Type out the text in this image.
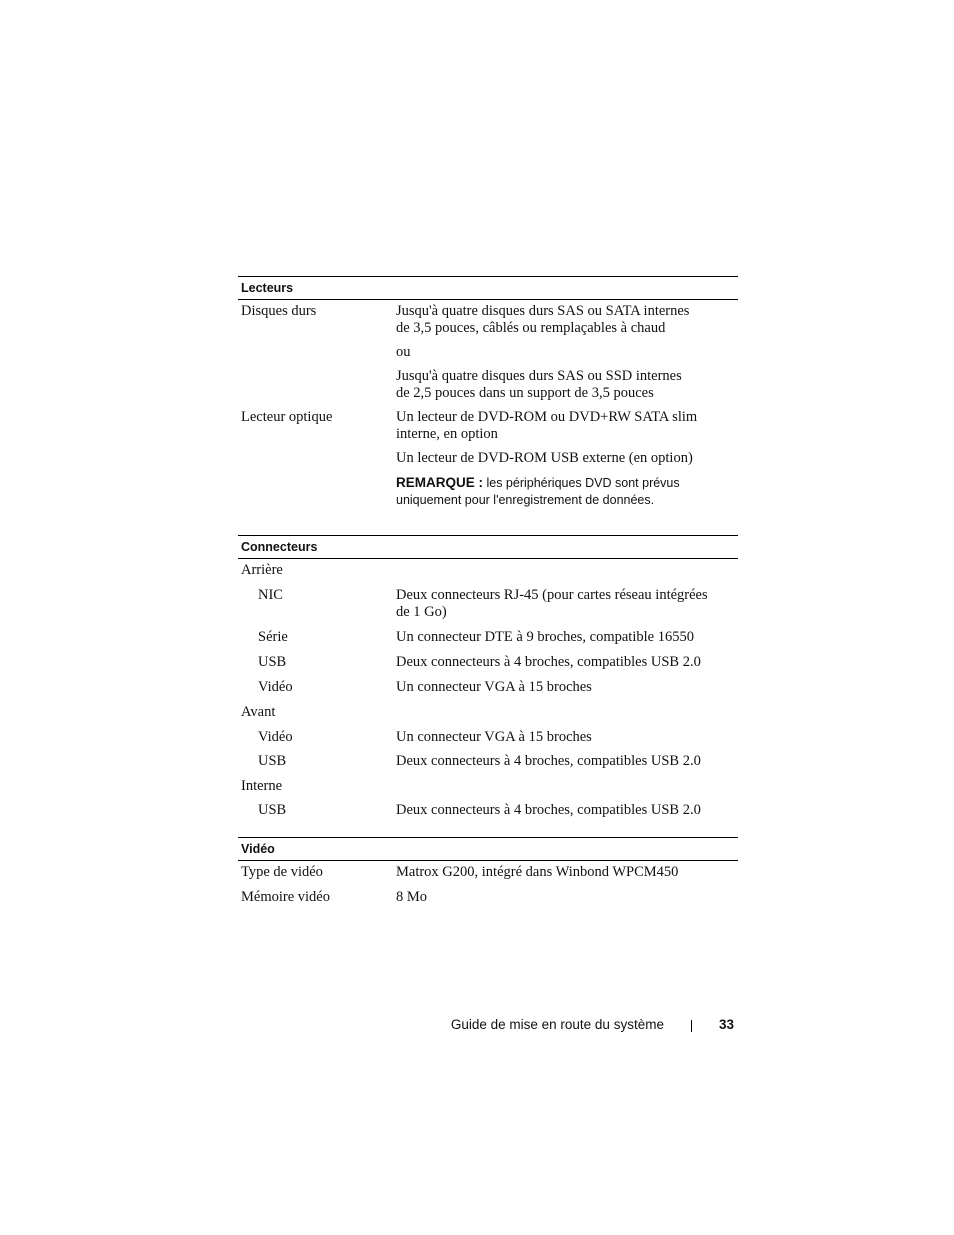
Lecteurs
Disques durs	Jusqu'à quatre disques durs SAS ou SATA internes
de 3,5 pouces, câblés ou remplaçables à chaud

ou

Jusqu'à quatre disques durs SAS ou SSD internes
de 2,5 pouces dans un support de 3,5 pouces

Lecteur optique	Un lecteur de DVD-ROM ou DVD+RW SATA slim
interne, en option

Un lecteur de DVD-ROM USB externe (en option)

REMARQUE : les périphériques DVD sont prévus
uniquement pour l'enregistrement de données.

Connecteurs
Arrière
NIC	Deux connecteurs RJ-45 (pour cartes réseau intégrées
de 1 Go)
Série	Un connecteur DTE à 9 broches, compatible 16550
USB	Deux connecteurs à 4 broches, compatibles USB 2.0
Vidéo	Un connecteur VGA à 15 broches
Avant
Vidéo	Un connecteur VGA à 15 broches
USB	Deux connecteurs à 4 broches, compatibles USB 2.0
Interne
USB	Deux connecteurs à 4 broches, compatibles USB 2.0
Vidéo
Type de vidéo	Matrox G200, intégré dans Winbond WPCM450
Mémoire vidéo	8 Mo
Guide de mise en route du système	33
